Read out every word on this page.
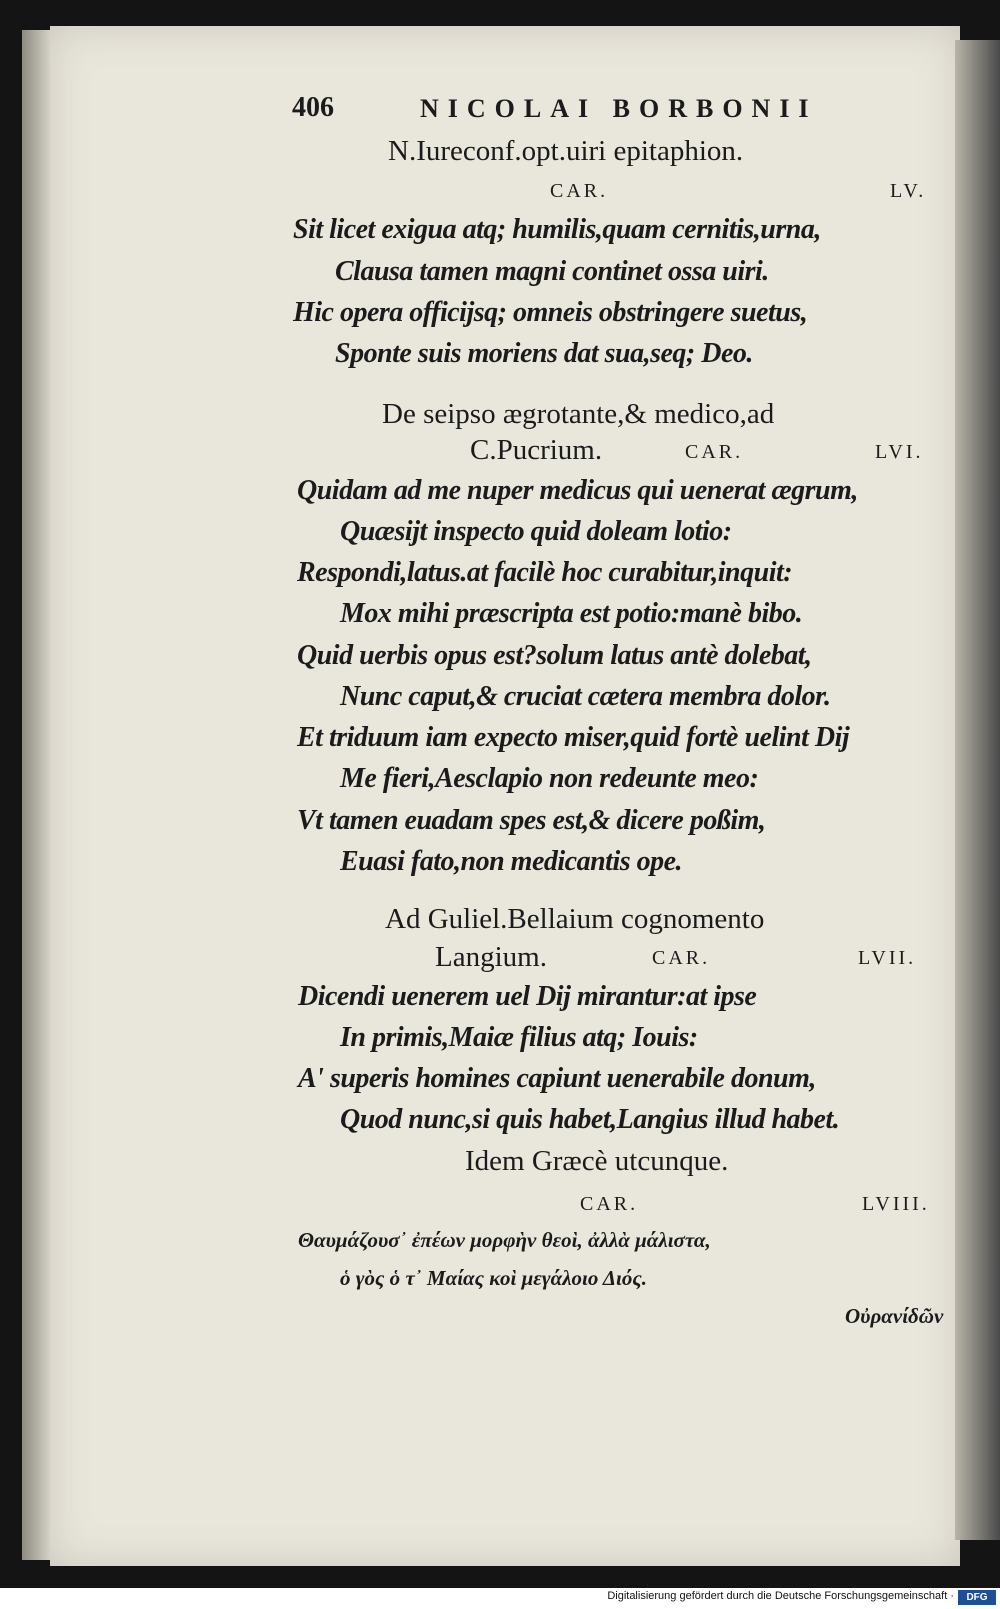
406	NICOLAI BORBONII
N.Iureconf.opt.uiri epitaphion.
CAR.	LV.
Sit licet exigua atq; humilis,quam cernitis,urna,
Clausa tamen magni continet ossa uiri.
Hic opera officijsq; omneis obstringere suetus,
Sponte suis moriens dat sua,seq; Deo.
De seipso ægrotante,& medico,ad
C.Pucrium.	CAR.	LVI.
Quidam ad me nuper medicus qui uenerat ægrum,
Quæsijt inspecto quid doleam lotio:
Respondi,latus.at facilè hoc curabitur,inquit:
Mox mihi præscripta est potio:manè bibo.
Quid uerbis opus est?solum latus antè dolebat,
Nunc caput,& cruciat cætera membra dolor.
Et triduum iam expecto miser,quid fortè uelint Dij
Me fieri,Aesclapio non redeunte meo:
Vt tamen euadam spes est,& dicere poßim,
Euasi fato,non medicantis ope.
Ad Guliel.Bellaium cognomento
Langium.	CAR.	LVII.
Dicendi uenerem uel Dij mirantur:at ipse
In primis,Maiæ filius atq; Iouis:
A' superis homines capiunt uenerabile donum,
Quod nunc,si quis habet,Langius illud habet.
Idem Græcè utcunque.
CAR.	LVIII.
Θαυμάζουσ᾽ ἐπέων μορφὴν θεοὶ, ἀλλὰ μάλιστα,
ὁ γὸς ὁ τ᾽ Μαίας κοὶ μεγάλοιο Διός.
Οὐρανίδῶν
Digitalisierung gefördert durch die Deutsche Forschungsgemeinschaft ·	DFG
